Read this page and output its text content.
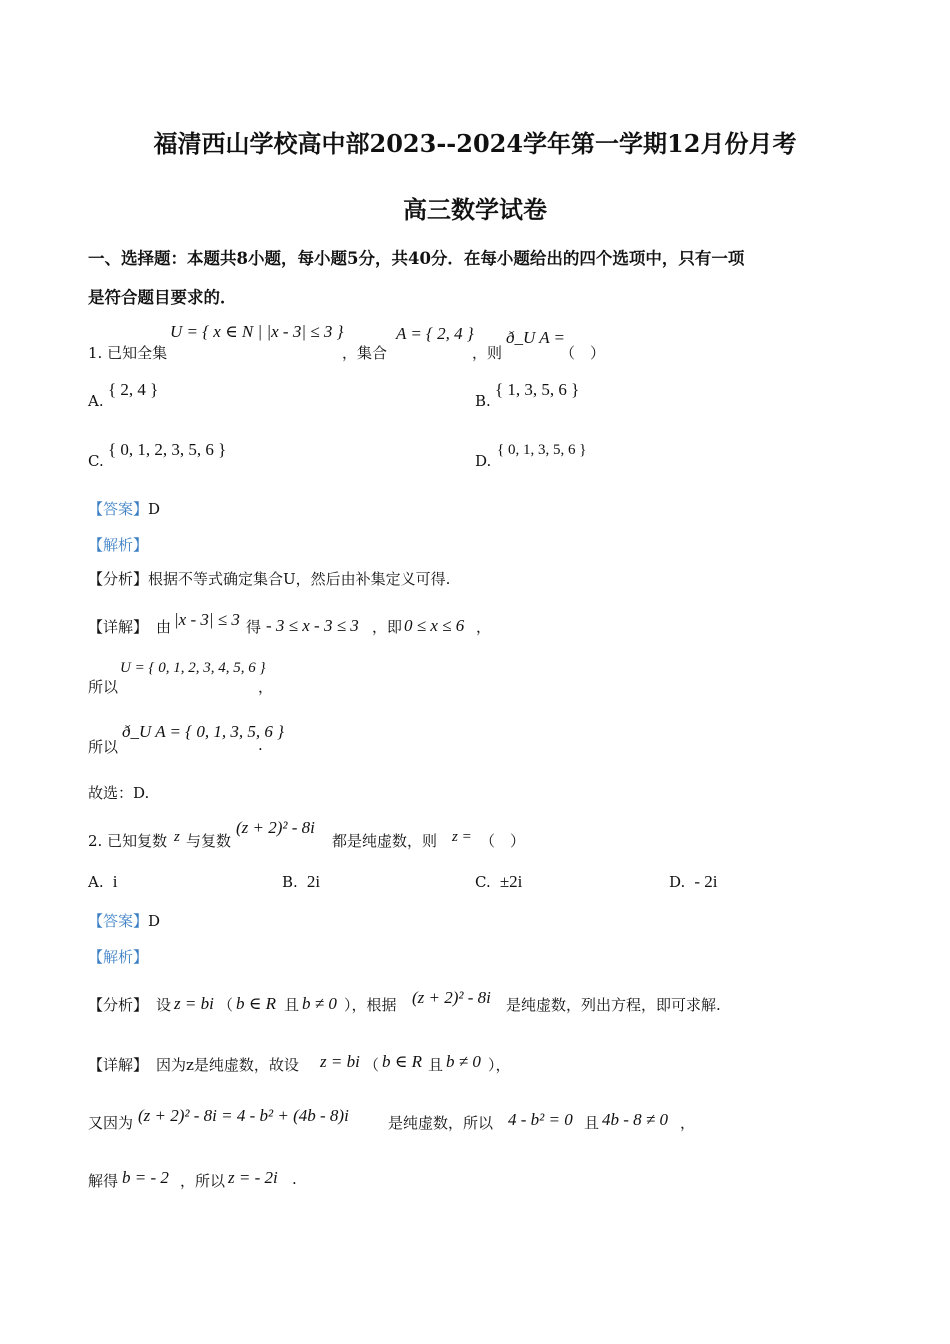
福清西山学校高中部2023--2024学年第一学期12月份月考
高三数学试卷
一、选择题：本题共8小题，每小题5分，共40分．在每小题给出的四个选项中，只有一项
是符合题目要求的．
1. 已知全集
U = { x ∈ N | |x - 3| ≤ 3 }
，集合
A = { 2, 4 }
，则
ð_U A =
（　）
A.
{ 2, 4 }
B.
{ 1, 3, 5, 6 }
C.
{ 0, 1, 2, 3, 5, 6 }
D.
{ 0, 1, 3, 5, 6 }
【答案】D
【解析】
【分析】根据不等式确定集合U，然后由补集定义可得.
【详解】 由 |x - 3| ≤ 3 得 - 3 ≤ x - 3 ≤ 3 ，即 0 ≤ x ≤ 6 ，
所以
U = { 0, 1, 2, 3, 4, 5, 6 }
，
所以
ð_U A = { 0, 1, 3, 5, 6 }
.
故选：D.
2. 已知复数 z 与复数
(z + 2)² - 8i
都是纯虚数，则 z = （　）
A. i	B. 2i	C. ±2i	D. - 2i
【答案】D
【解析】
【分析】 设 z = bi （ b ∈ R 且 b ≠ 0 ），根据 (z + 2)² - 8i 是纯虚数，列出方程，即可求解.
【详解】 因为z是纯虚数，故设 z = bi （ b ∈ R 且 b ≠ 0 ），
又因为 (z + 2)² - 8i = 4 - b² + (4b - 8)i	是纯虚数，所以 4 - b² = 0 且 4b - 8 ≠ 0 ，
解得 b = - 2 ，所以 z = - 2i .
